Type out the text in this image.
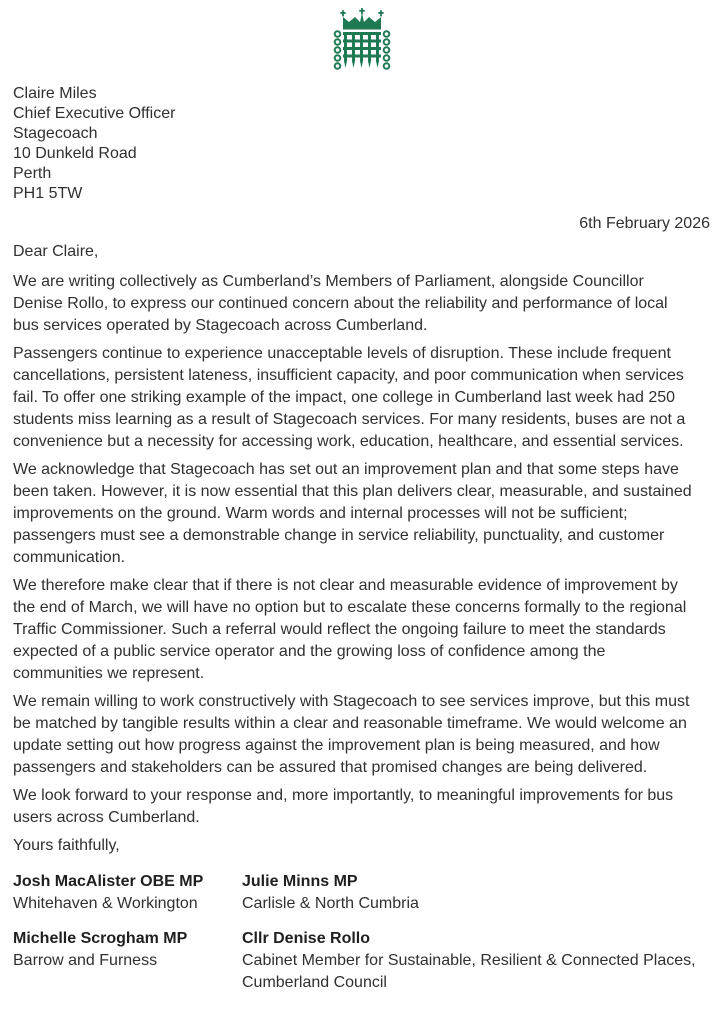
Claire Miles

Chief Executive Officer

Stagecoach

10 Dunkeld Road

Perth

PH1 5TW

6th February 2026

Dear Claire,

We are writing collectively as Cumberland’s Members of Parliament, alongside Councillor Denise Rollo, to express our continued concern about the reliability and performance of local bus services operated by Stagecoach across Cumberland.

Passengers continue to experience unacceptable levels of disruption. These include frequent cancellations, persistent lateness, insufficient capacity, and poor communication when services fail. To offer one striking example of the impact, one college in Cumberland last week had 250 students miss learning as a result of Stagecoach services. For many residents, buses are not a convenience but a necessity for accessing work, education, healthcare, and essential services.

We acknowledge that Stagecoach has set out an improvement plan and that some steps have been taken. However, it is now essential that this plan delivers clear, measurable, and sustained improvements on the ground. Warm words and internal processes will not be sufficient; passengers must see a demonstrable change in service reliability, punctuality, and customer communication.

We therefore make clear that if there is not clear and measurable evidence of improvement by the end of March, we will have no option but to escalate these concerns formally to the regional Traffic Commissioner. Such a referral would reflect the ongoing failure to meet the standards expected of a public service operator and the growing loss of confidence among the communities we represent.

We remain willing to work constructively with Stagecoach to see services improve, but this must be matched by tangible results within a clear and reasonable timeframe. We would welcome an update setting out how progress against the improvement plan is being measured, and how passengers and stakeholders can be assured that promised changes are being delivered.

We look forward to your response and, more importantly, to meaningful improvements for bus users across Cumberland.

Yours faithfully,

Josh MacAlister OBE MP

Whitehaven & Workington

Julie Minns MP

Carlisle & North Cumbria

Michelle Scrogham MP

Barrow and Furness

Cllr Denise Rollo

Cabinet Member for Sustainable, Resilient & Connected Places, Cumberland Council
